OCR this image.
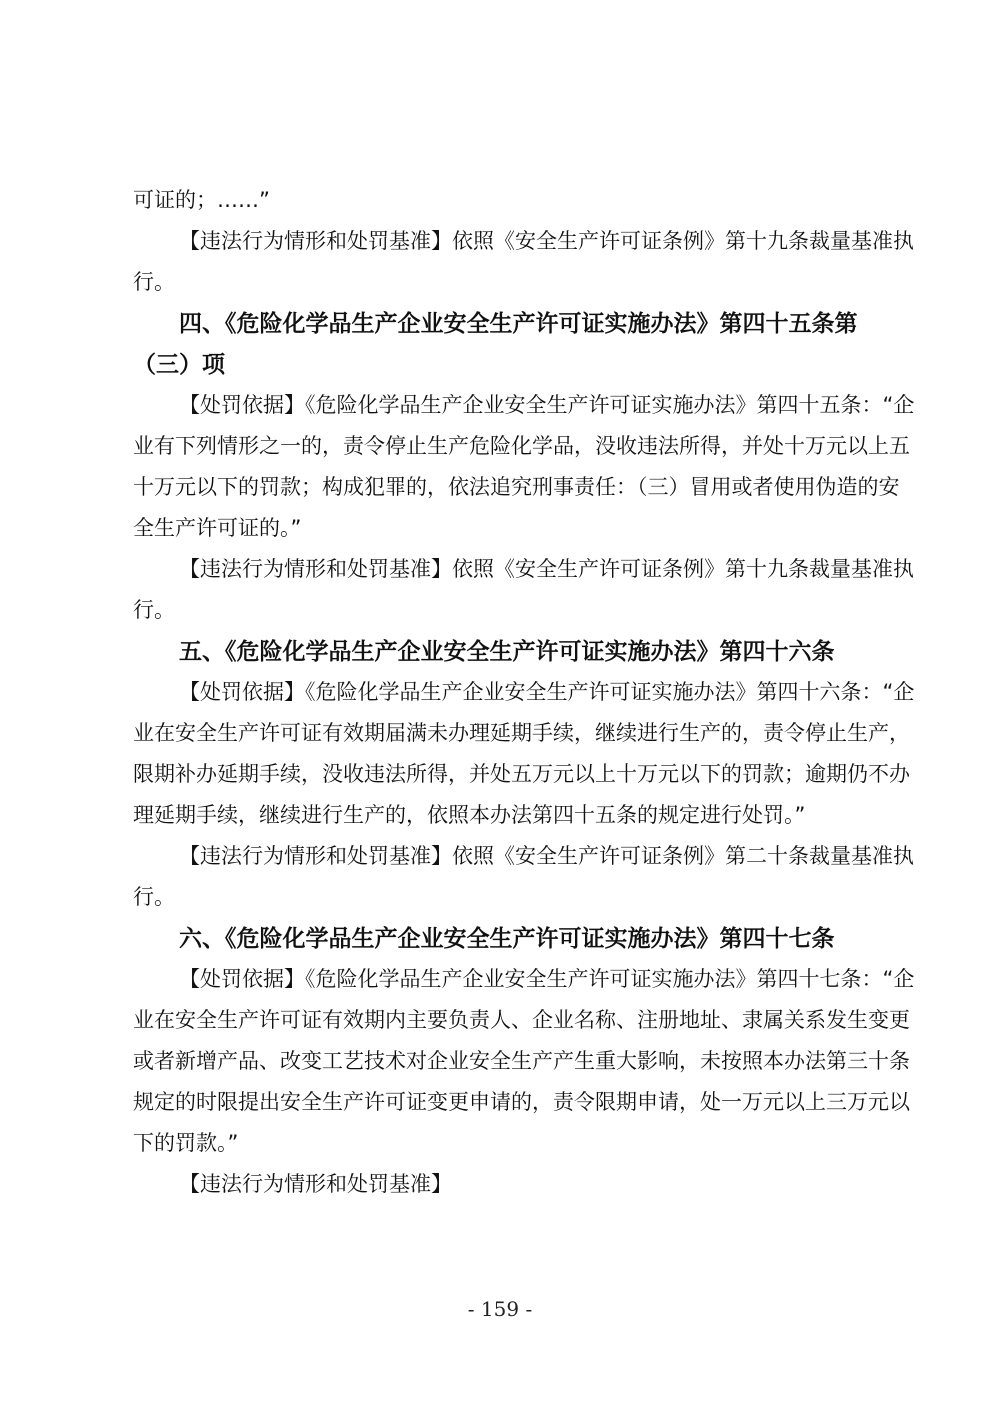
可证的；……”
【违法行为情形和处罚基准】依照《安全生产许可证条例》第十九条裁量基准执
行。
四、《危险化学品生产企业安全生产许可证实施办法》第四十五条第
（三）项
【处罚依据】《危险化学品生产企业安全生产许可证实施办法》第四十五条：“企
业有下列情形之一的，责令停止生产危险化学品，没收违法所得，并处十万元以上五
十万元以下的罚款；构成犯罪的，依法追究刑事责任：（三）冒用或者使用伪造的安
全生产许可证的。”
【违法行为情形和处罚基准】依照《安全生产许可证条例》第十九条裁量基准执
行。
五、《危险化学品生产企业安全生产许可证实施办法》第四十六条
【处罚依据】《危险化学品生产企业安全生产许可证实施办法》第四十六条：“企
业在安全生产许可证有效期届满未办理延期手续，继续进行生产的，责令停止生产，
限期补办延期手续，没收违法所得，并处五万元以上十万元以下的罚款；逾期仍不办
理延期手续，继续进行生产的，依照本办法第四十五条的规定进行处罚。”
【违法行为情形和处罚基准】依照《安全生产许可证条例》第二十条裁量基准执
行。
六、《危险化学品生产企业安全生产许可证实施办法》第四十七条
【处罚依据】《危险化学品生产企业安全生产许可证实施办法》第四十七条：“企
业在安全生产许可证有效期内主要负责人、企业名称、注册地址、隶属关系发生变更
或者新增产品、改变工艺技术对企业安全生产产生重大影响，未按照本办法第三十条
规定的时限提出安全生产许可证变更申请的，责令限期申请，处一万元以上三万元以
下的罚款。”
【违法行为情形和处罚基准】
- 159 -
